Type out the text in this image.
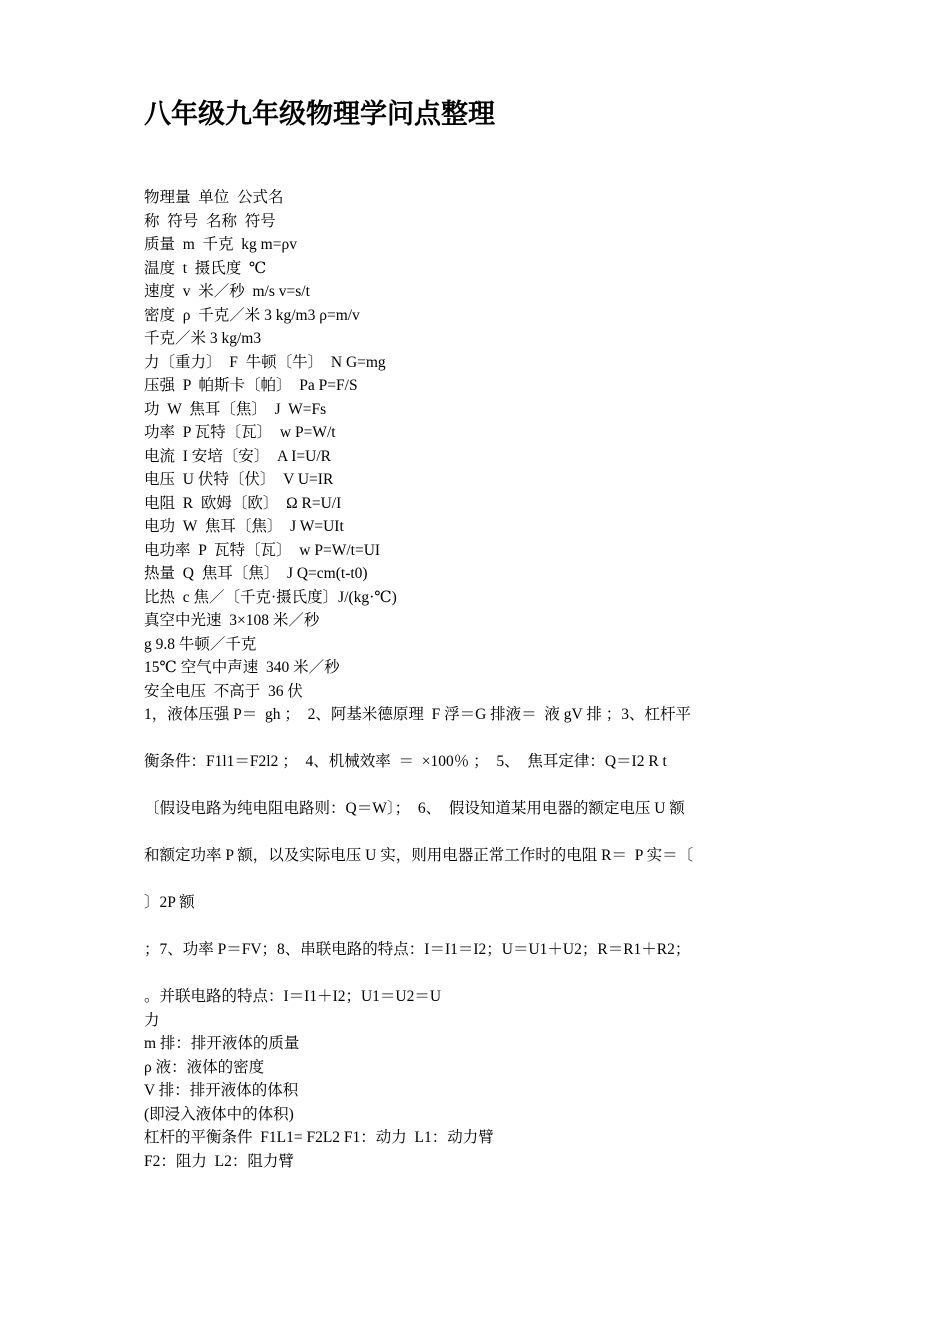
八年级九年级物理学问点整理
物理量  单位  公式名
称  符号  名称  符号
质量  m  千克  kg m=ρv
温度  t  摄氏度  ℃
速度  v  米／秒  m/s v=s/t
密度  ρ  千克／米 3 kg/m3 ρ=m/v
千克／米 3 kg/m3
力〔重力〕  F  牛顿〔牛〕  N G=mg
压强  P  帕斯卡〔帕〕  Pa P=F/S
功  W  焦耳〔焦〕  J  W=Fs
功率  P 瓦特〔瓦〕  w P=W/t
电流  I 安培〔安〕  A I=U/R
电压  U 伏特〔伏〕  V U=IR
电阻  R  欧姆〔欧〕  Ω R=U/I
电功  W  焦耳〔焦〕  J W=UIt
电功率  P  瓦特〔瓦〕  w P=W/t=UI
热量  Q  焦耳〔焦〕  J Q=cm(t-t0)
比热  c 焦／〔千克·摄氏度〕J/(kg·℃)
真空中光速  3×108 米／秒
g 9.8 牛顿／千克
15℃ 空气中声速  340 米／秒
安全电压  不高于  36 伏
1，液体压强 P＝  gh ；  2、阿基米德原理  F 浮＝G 排液＝  液 gV 排 ；3、杠杆平
衡条件：F1l1＝F2l2 ；  4、机械效率  ＝  ×100％ ；  5、  焦耳定律：Q＝I2 R t
〔假设电路为纯电阻电路则：Q＝W〕；  6、  假设知道某用电器的额定电压 U 额
和额定功率 P 额，以及实际电压 U 实，则用电器正常工作时的电阻 R＝  P 实＝〔
〕2P 额
；7、功率 P＝FV；8、串联电路的特点：I＝I1＝I2；U＝U1＋U2；R＝R1＋R2；
。并联电路的特点：I＝I1＋I2；U1＝U2＝U
力
m 排：排开液体的质量
ρ 液：液体的密度
V 排：排开液体的体积
(即浸入液体中的体积)
杠杆的平衡条件  F1L1= F2L2 F1：动力  L1：动力臂
F2：阻力  L2：阻力臂
